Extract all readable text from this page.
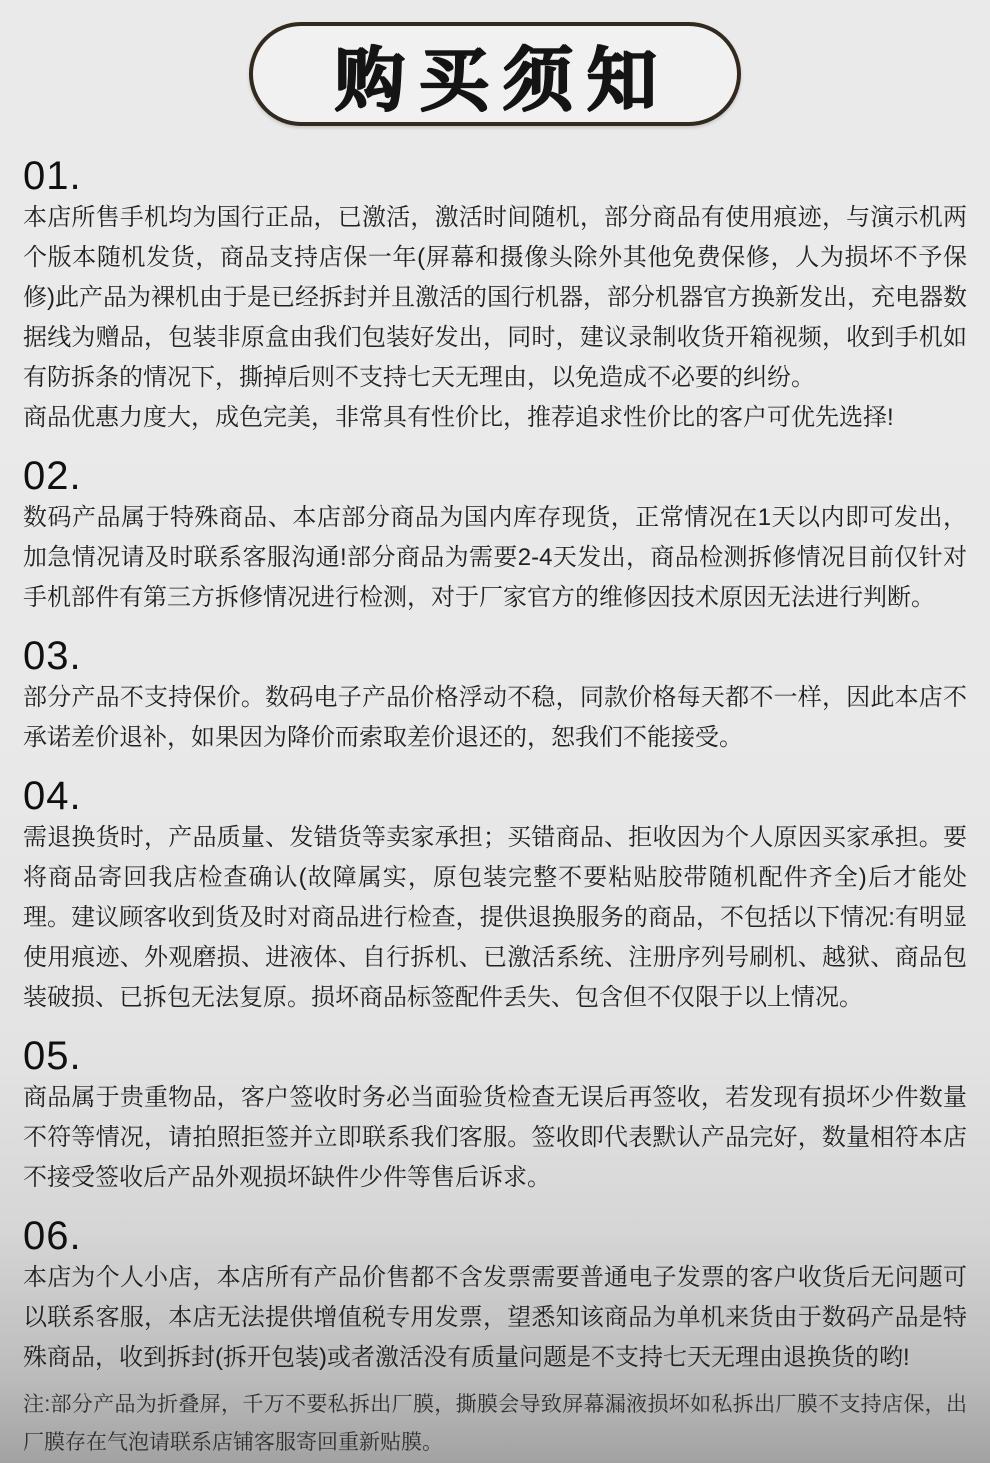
购买须知
01.

本店所售手机均为国行正品，已激活，激活时间随机，部分商品有使用痕迹，与演示机两个版本随机发货，商品支持店保一年(屏幕和摄像头除外其他免费保修，人为损坏不予保修)此产品为裸机由于是已经拆封并且激活的国行机器，部分机器官方换新发出，充电器数据线为赠品，包装非原盒由我们包装好发出，同时，建议录制收货开箱视频，收到手机如有防拆条的情况下，撕掉后则不支持七天无理由，以免造成不必要的纠纷。

商品优惠力度大，成色完美，非常具有性价比，推荐追求性价比的客户可优先选择!

02.

数码产品属于特殊商品、本店部分商品为国内库存现货，正常情况在1天以内即可发出，加急情况请及时联系客服沟通!部分商品为需要2-4天发出，商品检测拆修情况目前仅针对手机部件有第三方拆修情况进行检测，对于厂家官方的维修因技术原因无法进行判断。

03.

部分产品不支持保价。数码电子产品价格浮动不稳，同款价格每天都不一样，因此本店不承诺差价退补，如果因为降价而索取差价退还的，恕我们不能接受。

04.

需退换货时，产品质量、发错货等卖家承担；买错商品、拒收因为个人原因买家承担。要将商品寄回我店检查确认(故障属实，原包装完整不要粘贴胶带随机配件齐全)后才能处理。建议顾客收到货及时对商品进行检查，提供退换服务的商品，不包括以下情况:有明显使用痕迹、外观磨损、进液体、自行拆机、已激活系统、注册序列号刷机、越狱、商品包装破损、已拆包无法复原。损坏商品标签配件丢失、包含但不仅限于以上情况。

05.

商品属于贵重物品，客户签收时务必当面验货检查无误后再签收，若发现有损坏少件数量不符等情况，请拍照拒签并立即联系我们客服。签收即代表默认产品完好，数量相符本店不接受签收后产品外观损坏缺件少件等售后诉求。

06.

本店为个人小店，本店所有产品价售都不含发票需要普通电子发票的客户收货后无问题可以联系客服，本店无法提供增值税专用发票，望悉知该商品为单机来货由于数码产品是特殊商品，收到拆封(拆开包装)或者激活没有质量问题是不支持七天无理由退换货的哟!

注:部分产品为折叠屏，千万不要私拆出厂膜，撕膜会导致屏幕漏液损坏如私拆出厂膜不支持店保，出厂膜存在气泡请联系店铺客服寄回重新贴膜。
